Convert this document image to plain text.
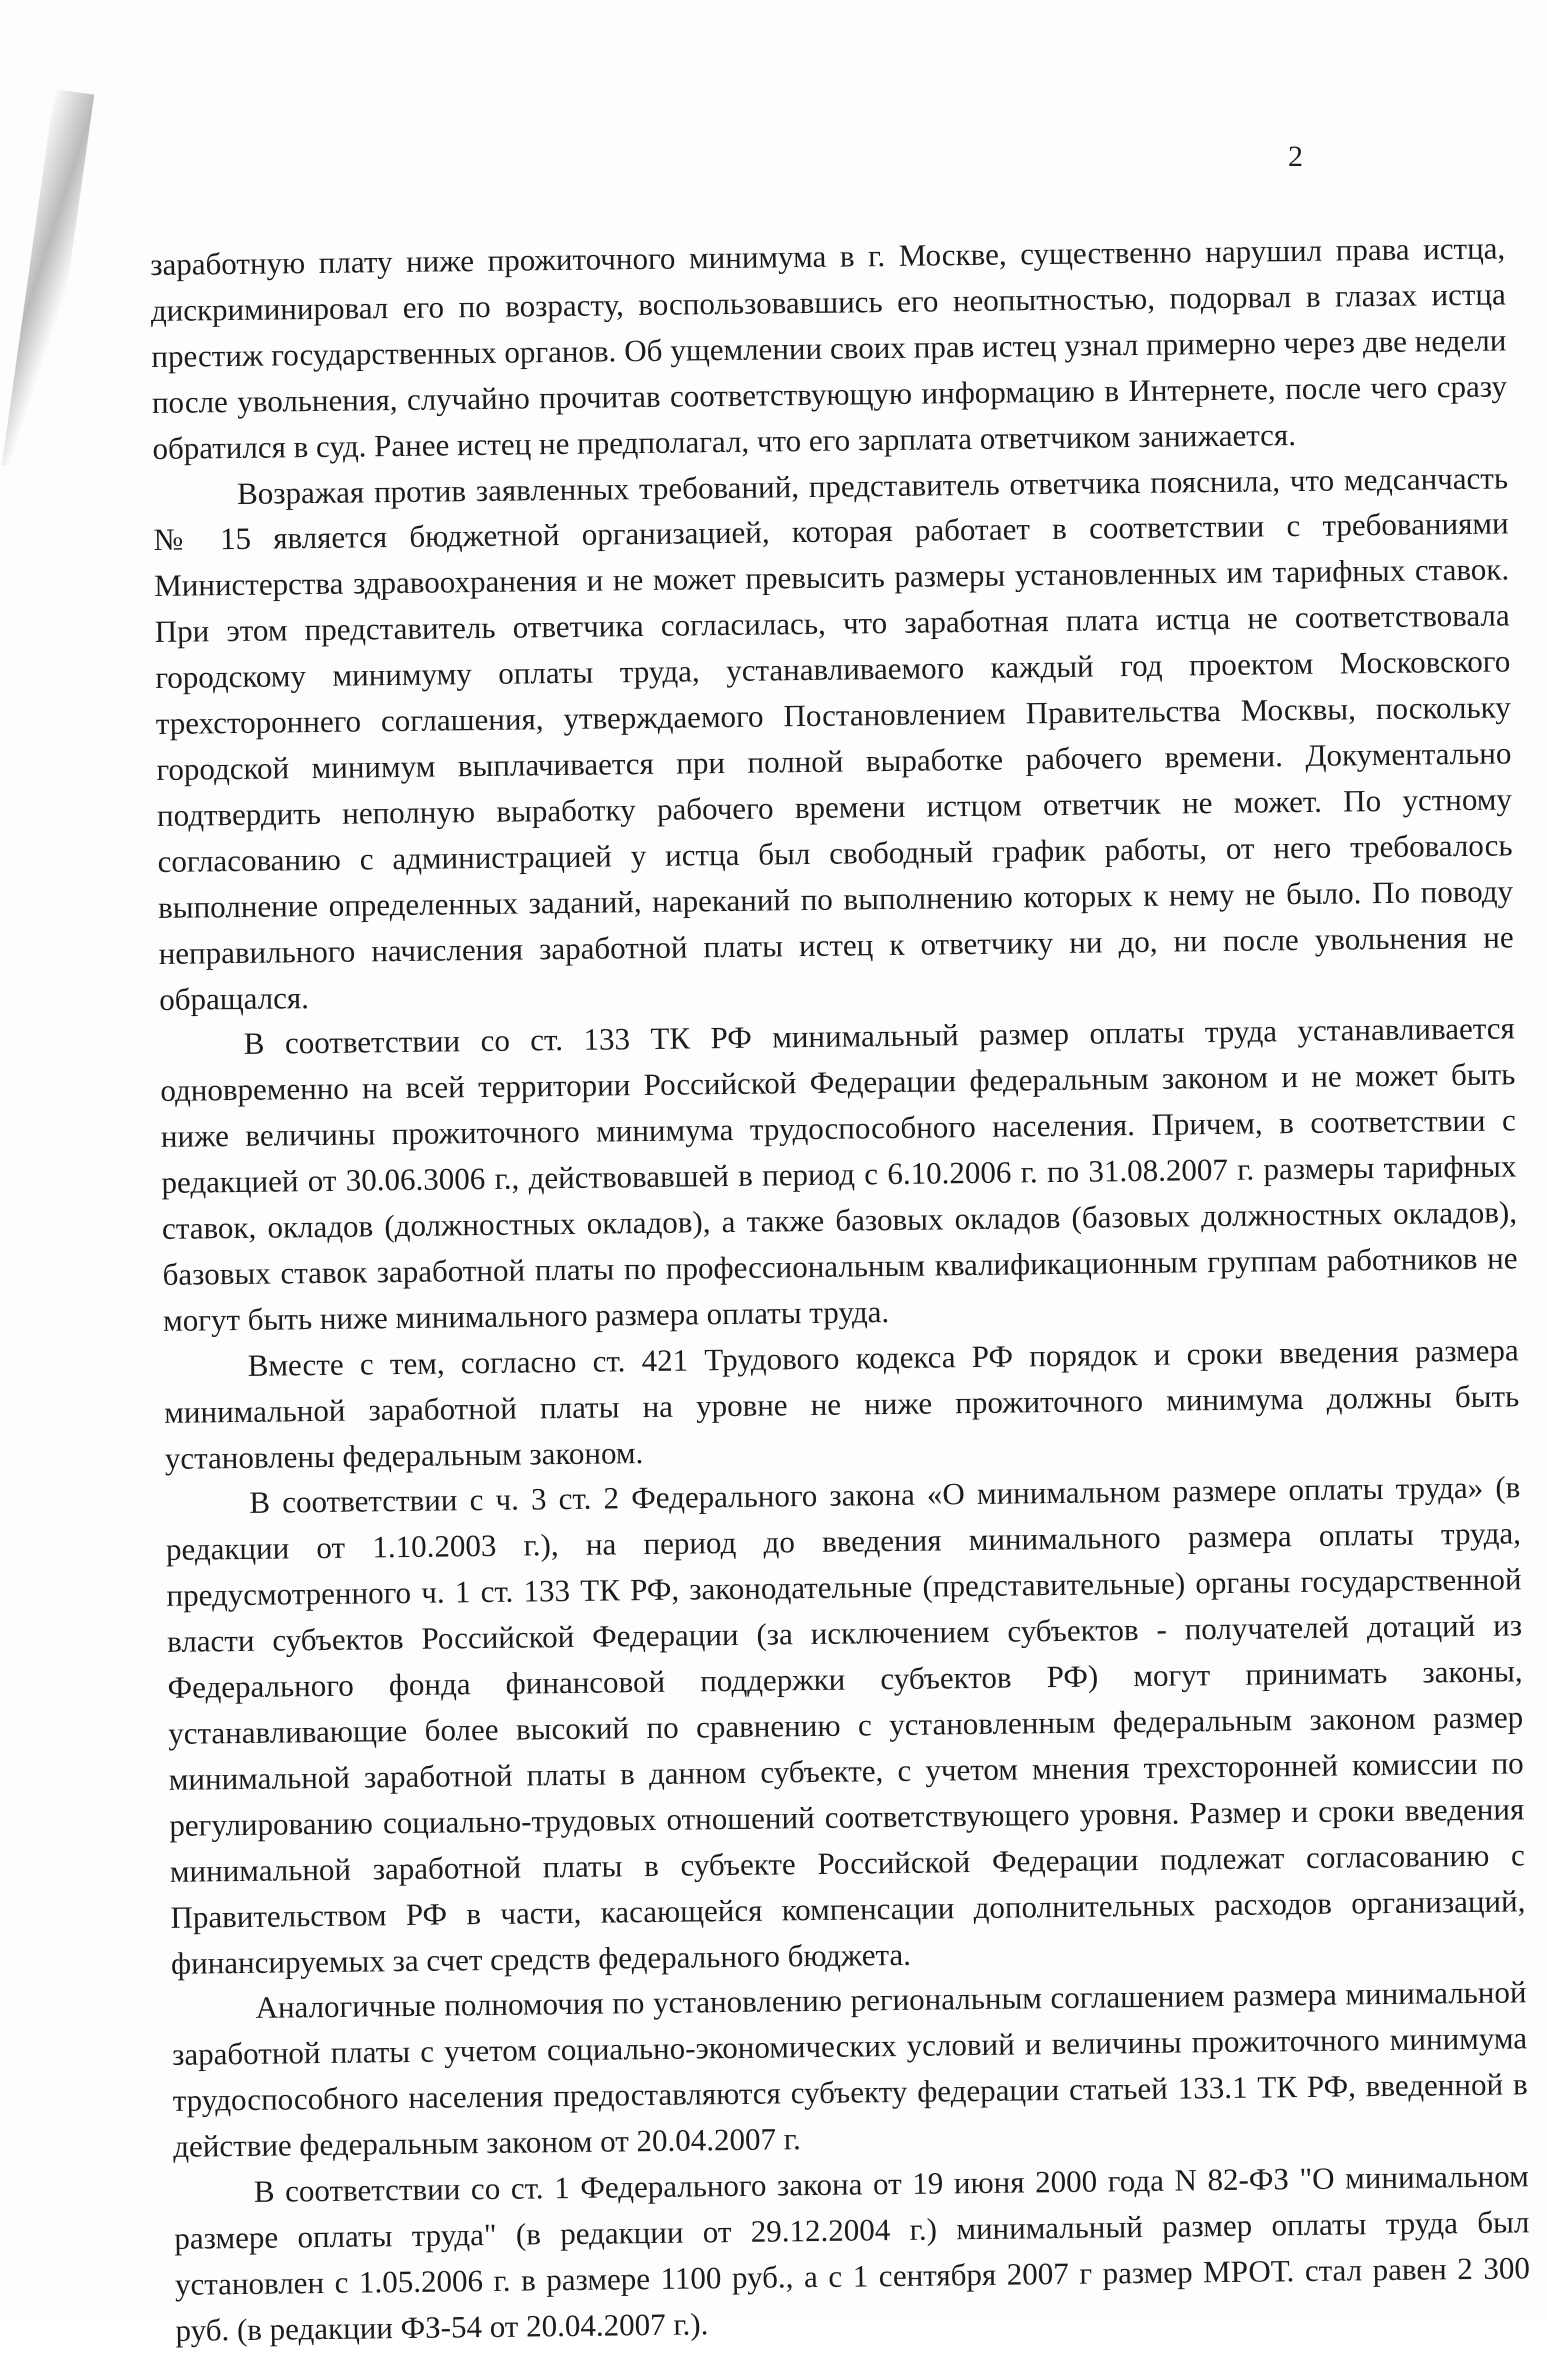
2

заработную плату ниже прожиточного минимума в г. Москве, существенно нарушил права истца, дискриминировал его по возрасту, воспользовавшись его неопытностью, подорвал в глазах истца престиж государственных органов. Об ущемлении своих прав истец узнал примерно через две недели после увольнения, случайно прочитав соответствующую информацию в Интернете, после чего сразу обратился в суд. Ранее истец не предполагал, что его зарплата ответчиком занижается.

Возражая против заявленных требований, представитель ответчика пояснила, что медсанчасть № 15 является бюджетной организацией, которая работает в соответствии с требованиями Министерства здравоохранения и не может превысить размеры установленных им тарифных ставок. При этом представитель ответчика согласилась, что заработная плата истца не соответствовала городскому минимуму оплаты труда, устанавливаемого каждый год проектом Московского трехстороннего соглашения, утверждаемого Постановлением Правительства Москвы, поскольку городской минимум выплачивается при полной выработке рабочего времени. Документально подтвердить неполную выработку рабочего времени истцом ответчик не может. По устному согласованию с администрацией у истца был свободный график работы, от него требовалось выполнение определенных заданий, нареканий по выполнению которых к нему не было. По поводу неправильного начисления заработной платы истец к ответчику ни до, ни после увольнения не обращался.

В соответствии со ст. 133 ТК РФ минимальный размер оплаты труда устанавливается одновременно на всей территории Российской Федерации федеральным законом и не может быть ниже величины прожиточного минимума трудоспособного населения. Причем, в соответствии с редакцией от 30.06.3006 г., действовавшей в период с 6.10.2006 г. по 31.08.2007 г. размеры тарифных ставок, окладов (должностных окладов), а также базовых окладов (базовых должностных окладов), базовых ставок заработной платы по профессиональным квалификационным группам работников не могут быть ниже минимального размера оплаты труда.

Вместе с тем, согласно ст. 421 Трудового кодекса РФ порядок и сроки введения размера минимальной заработной платы на уровне не ниже прожиточного минимума должны быть установлены федеральным законом.

В соответствии с ч. 3 ст. 2 Федерального закона «О минимальном размере оплаты труда» (в редакции от 1.10.2003 г.), на период до введения минимального размера оплаты труда, предусмотренного ч. 1 ст. 133 ТК РФ, законодательные (представительные) органы государственной власти субъектов Российской Федерации (за исключением субъектов - получателей дотаций из Федерального фонда финансовой поддержки субъектов РФ) могут принимать законы, устанавливающие более высокий по сравнению с установленным федеральным законом размер минимальной заработной платы в данном субъекте, с учетом мнения трехсторонней комиссии по регулированию социально-трудовых отношений соответствующего уровня. Размер и сроки введения минимальной заработной платы в субъекте Российской Федерации подлежат согласованию с Правительством РФ в части, касающейся компенсации дополнительных расходов организаций, финансируемых за счет средств федерального бюджета.

Аналогичные полномочия по установлению региональным соглашением размера минимальной заработной платы с учетом социально-экономических условий и величины прожиточного минимума трудоспособного населения предоставляются субъекту федерации статьей 133.1 ТК РФ, введенной в действие федеральным законом от 20.04.2007 г.

В соответствии со ст. 1 Федерального закона от 19 июня 2000 года N 82-ФЗ "О минимальном размере оплаты труда" (в редакции от 29.12.2004 г.) минимальный размер оплаты труда был установлен с 1.05.2006 г. в размере 1100 руб., а с 1 сентября 2007 г размер МРОТ. стал равен 2 300 руб. (в редакции ФЗ-54 от 20.04.2007 г.).
